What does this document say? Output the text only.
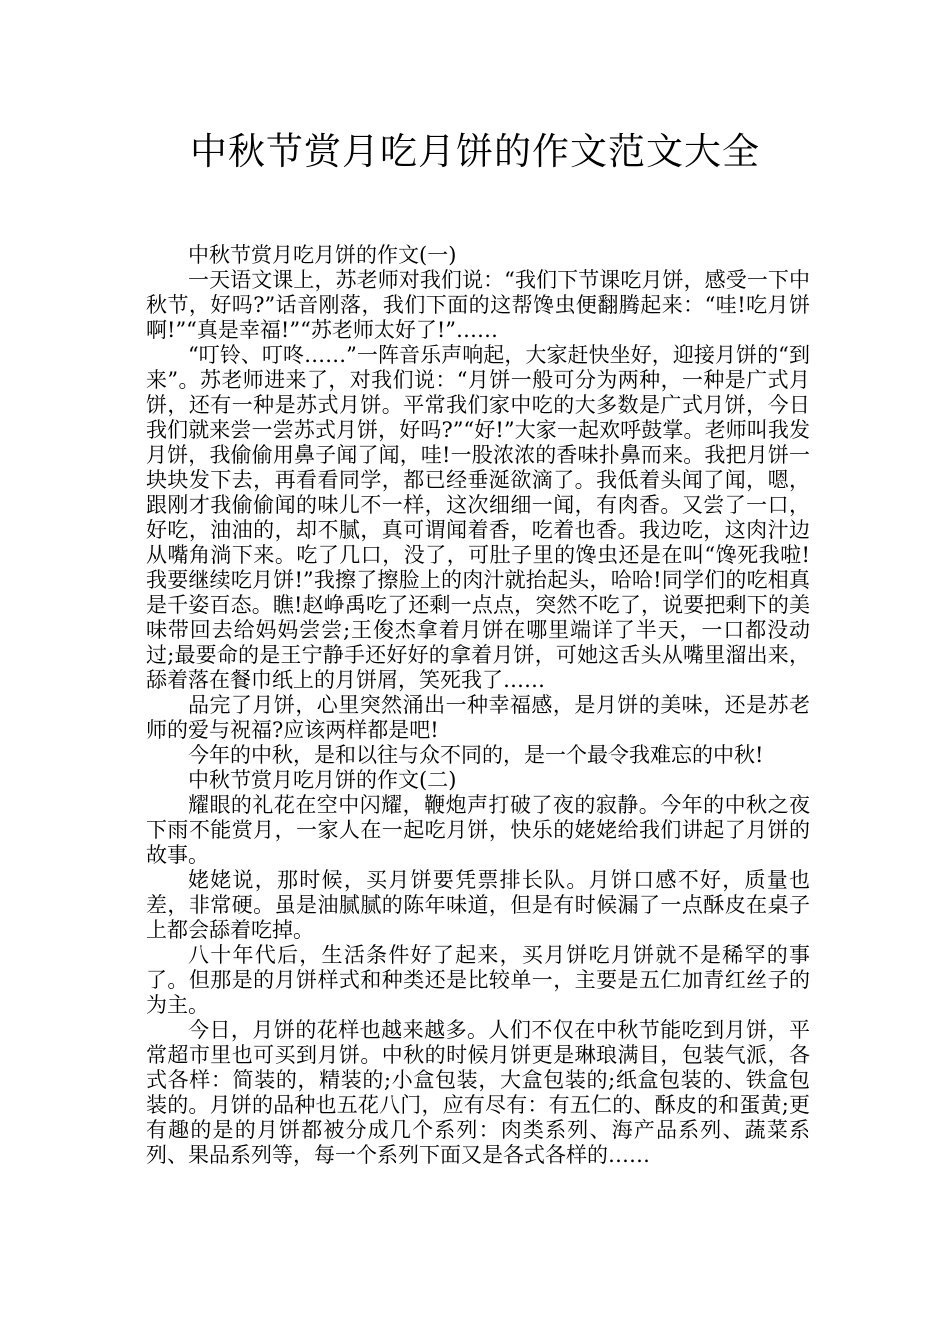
中秋节赏月吃月饼的作文范文大全

中秋节赏月吃月饼的作文(一)

一天语文课上，苏老师对我们说：“我们下节课吃月饼，感受一下中秋节，好吗?”话音刚落，我们下面的这帮馋虫便翻腾起来：“哇!吃月饼啊!”“真是幸福!”“苏老师太好了!”……

“叮铃、叮咚……”一阵音乐声响起，大家赶快坐好，迎接月饼的“到来”。苏老师进来了，对我们说：“月饼一般可分为两种，一种是广式月饼，还有一种是苏式月饼。平常我们家中吃的大多数是广式月饼，今日我们就来尝一尝苏式月饼，好吗?”“好!”大家一起欢呼鼓掌。老师叫我发月饼，我偷偷用鼻子闻了闻，哇!一股浓浓的香味扑鼻而来。我把月饼一块块发下去，再看看同学，都已经垂涎欲滴了。我低着头闻了闻，嗯，跟刚才我偷偷闻的味儿不一样，这次细细一闻，有肉香。又尝了一口，好吃，油油的，却不腻，真可谓闻着香，吃着也香。我边吃，这肉汁边从嘴角淌下来。吃了几口，没了，可肚子里的馋虫还是在叫“馋死我啦!我要继续吃月饼!”我擦了擦脸上的肉汁就抬起头，哈哈!同学们的吃相真是千姿百态。瞧!赵峥禹吃了还剩一点点，突然不吃了，说要把剩下的美味带回去给妈妈尝尝;王俊杰拿着月饼在哪里端详了半天，一口都没动过;最要命的是王宁静手还好好的拿着月饼，可她这舌头从嘴里溜出来，舔着落在餐巾纸上的月饼屑，笑死我了……

品完了月饼，心里突然涌出一种幸福感，是月饼的美味，还是苏老师的爱与祝福?应该两样都是吧!

今年的中秋，是和以往与众不同的，是一个最令我难忘的中秋!

中秋节赏月吃月饼的作文(二)

耀眼的礼花在空中闪耀，鞭炮声打破了夜的寂静。今年的中秋之夜下雨不能赏月，一家人在一起吃月饼，快乐的姥姥给我们讲起了月饼的故事。

姥姥说，那时候，买月饼要凭票排长队。月饼口感不好，质量也差，非常硬。虽是油腻腻的陈年味道，但是有时候漏了一点酥皮在桌子上都会舔着吃掉。

八十年代后，生活条件好了起来，买月饼吃月饼就不是稀罕的事了。但那是的月饼样式和种类还是比较单一，主要是五仁加青红丝子的为主。

今日，月饼的花样也越来越多。人们不仅在中秋节能吃到月饼，平常超市里也可买到月饼。中秋的时候月饼更是琳琅满目，包装气派，各式各样：简装的，精装的;小盒包装，大盒包装的;纸盒包装的、铁盒包装的。月饼的品种也五花八门，应有尽有：有五仁的、酥皮的和蛋黄;更有趣的是的月饼都被分成几个系列：肉类系列、海产品系列、蔬菜系列、果品系列等，每一个系列下面又是各式各样的……
